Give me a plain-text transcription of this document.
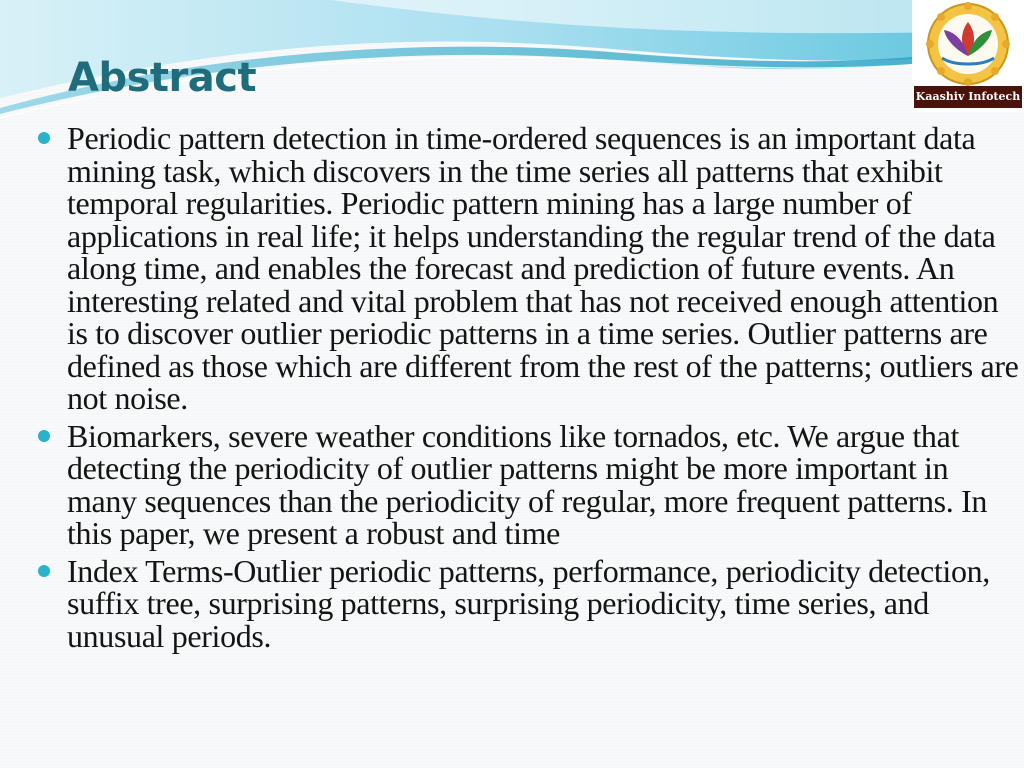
Kaashiv Infotech
Abstract
Periodic pattern detection in time-ordered sequences is an important data mining task, which discovers in the time series all patterns that exhibit temporal regularities. Periodic pattern mining has a large number of applications in real life; it helps understanding the regular trend of the data along time, and enables the forecast and prediction of future events. An interesting related and vital problem that has not received enough attention is to discover outlier periodic patterns in a time series. Outlier patterns are defined as those which are different from the rest of the patterns; outliers are not noise.
Biomarkers, severe weather conditions like tornados, etc. We argue that detecting the periodicity of outlier patterns might be more important in many sequences than the periodicity of regular, more frequent patterns. In this paper, we present a robust and time
Index Terms-Outlier periodic patterns, performance, periodicity detection, suffix tree, surprising patterns, surprising periodicity, time series, and unusual periods.
